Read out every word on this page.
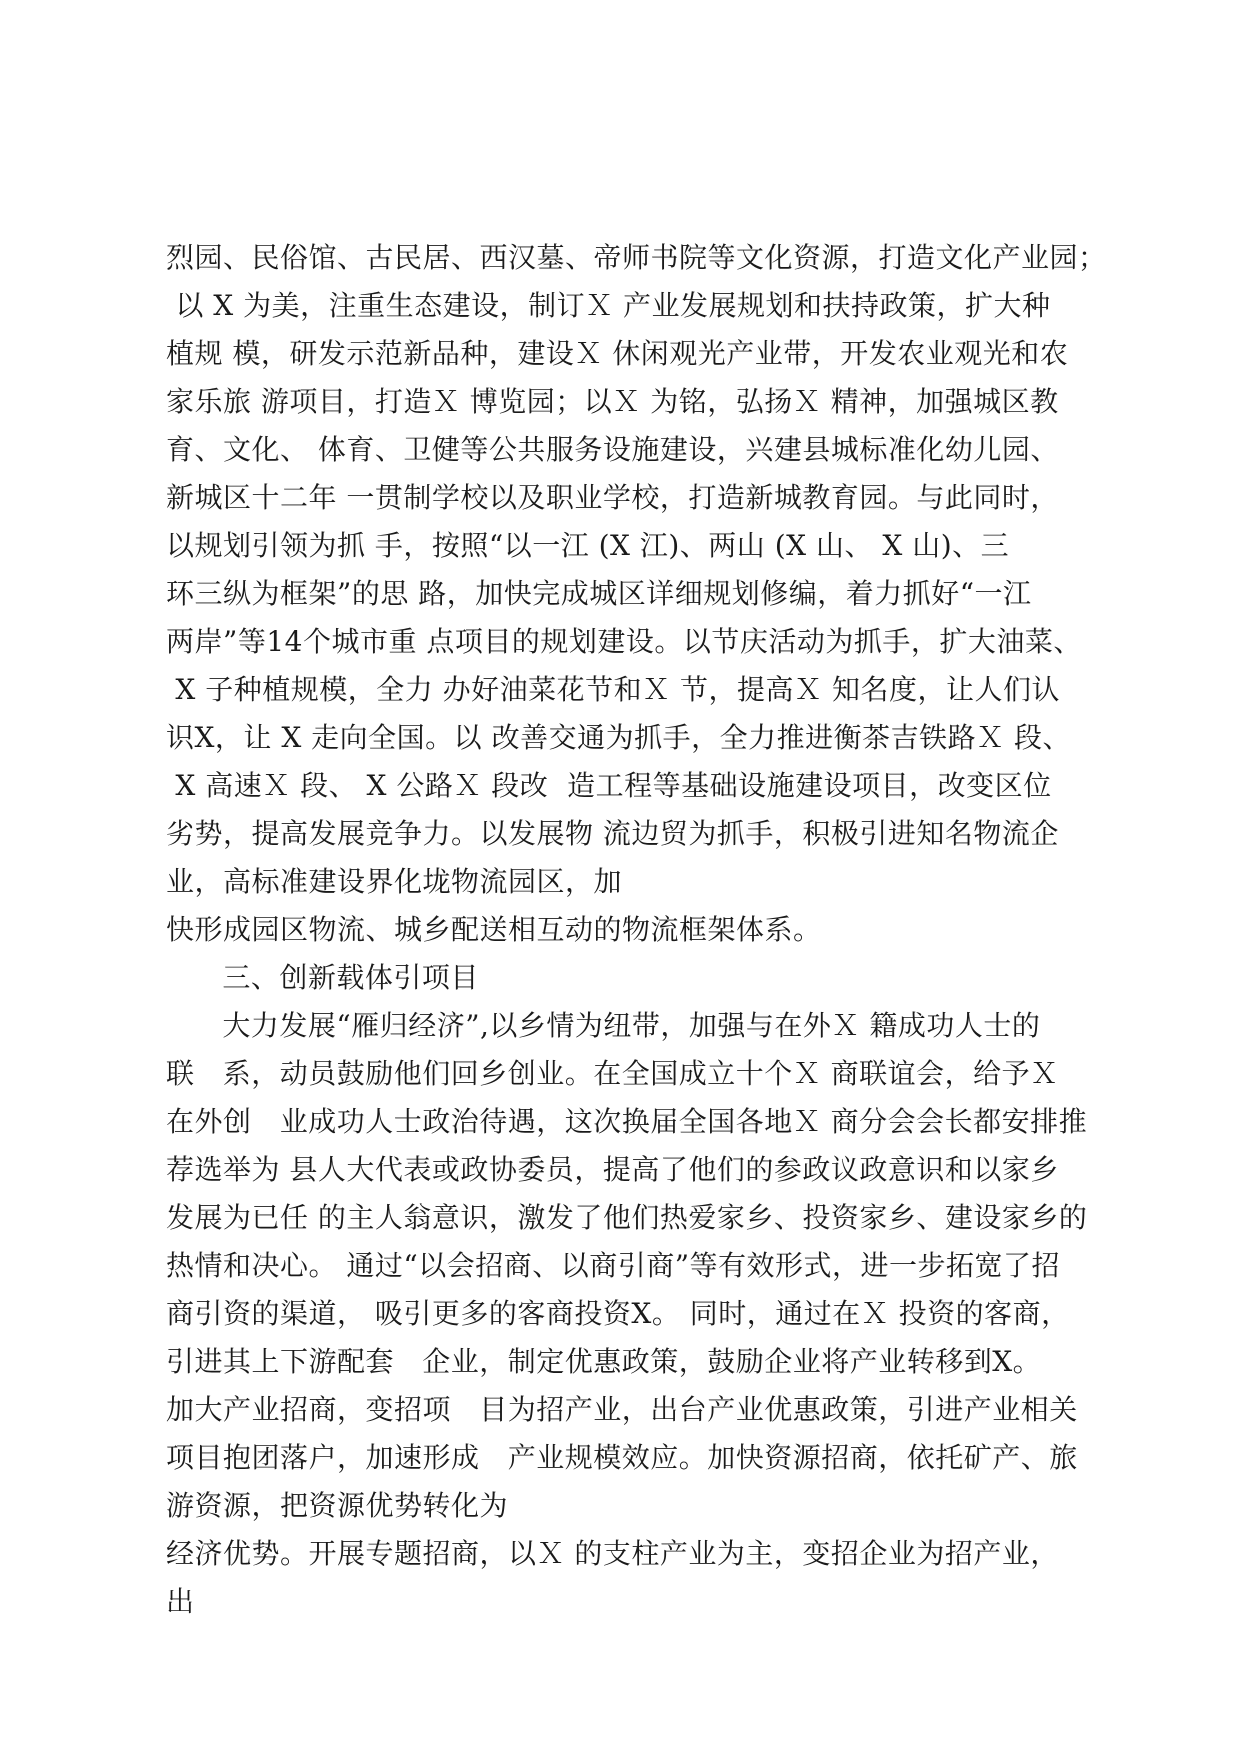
烈园、民俗馆、古民居、西汉墓、帝师书院等文化资源，打造文化产业园；
以 X 为美，注重生态建设，制订Ｘ 产业发展规划和扶持政策，扩大种
植规 模，研发示范新品种，建设Ｘ 休闲观光产业带，开发农业观光和农
家乐旅 游项目，打造Ｘ 博览园；以Ｘ 为铭，弘扬Ｘ 精神，加强城区教
育、文化、 体育、卫健等公共服务设施建设，兴建县城标准化幼儿园、
新城区十二年 一贯制学校以及职业学校，打造新城教育园。与此同时，
以规划引领为抓 手，按照“以一江 (X 江)、两山 (X 山、 X 山)、三
环三纵为框架”的思 路，加快完成城区详细规划修编，着力抓好“一江
两岸”等14个城市重 点项目的规划建设。以节庆活动为抓手，扩大油菜、
X 子种植规模，全力 办好油菜花节和Ｘ 节，提高Ｘ 知名度，让人们认
识X，让 X 走向全国。以 改善交通为抓手，全力推进衡茶吉铁路Ｘ 段、
X 高速Ｘ 段、 X 公路Ｘ 段改  造工程等基础设施建设项目，改变区位
劣势，提高发展竞争力。以发展物 流边贸为抓手，积极引进知名物流企
业，高标准建设界化垅物流园区，加
快形成园区物流、城乡配送相互动的物流框架体系。
三、创新载体引项目
大力发展“雁归经济”,以乡情为纽带，加强与在外Ｘ 籍成功人士的
联   系，动员鼓励他们回乡创业。在全国成立十个Ｘ 商联谊会，给予Ｘ
在外创   业成功人士政治待遇，这次换届全国各地Ｘ 商分会会长都安排推
荐选举为 县人大代表或政协委员，提高了他们的参政议政意识和以家乡
发展为已任 的主人翁意识，激发了他们热爱家乡、投资家乡、建设家乡的
热情和决心。 通过“以会招商、以商引商”等有效形式，进一步拓宽了招
商引资的渠道， 吸引更多的客商投资X。 同时，通过在Ｘ 投资的客商，
引进其上下游配套   企业，制定优惠政策，鼓励企业将产业转移到X。
加大产业招商，变招项   目为招产业，出台产业优惠政策，引进产业相关
项目抱团落户，加速形成   产业规模效应。加快资源招商，依托矿产、旅
游资源，把资源优势转化为
经济优势。开展专题招商，以Ｘ 的支柱产业为主，变招企业为招产业，
出
